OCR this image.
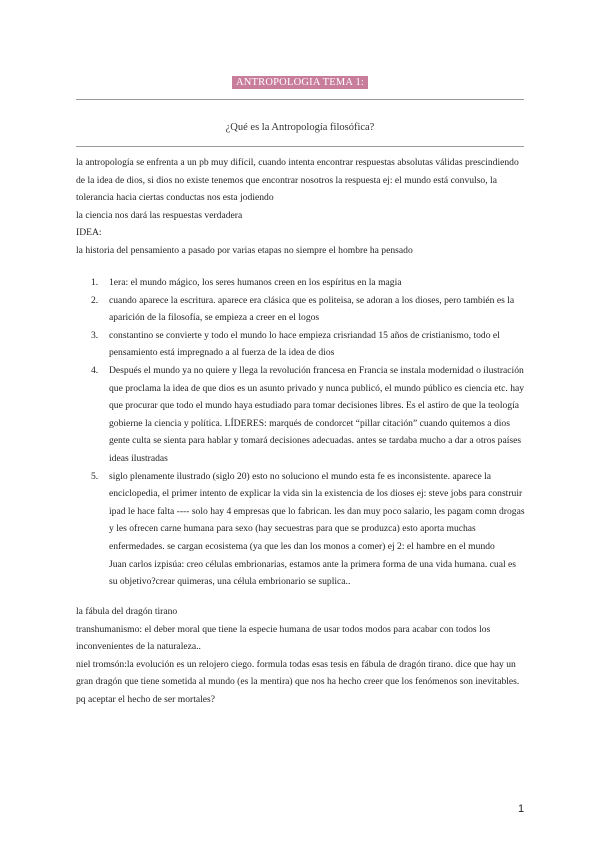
ANTROPOLOGIA TEMA 1:
¿Qué es la Antropología filosófica?

la antropología se enfrenta a un pb muy difícil, cuando intenta encontrar respuestas absolutas válidas prescindiendo de la idea de dios, si dios no existe tenemos que encontrar nosotros la respuesta ej: el mundo está convulso, la tolerancia hacia ciertas conductas nos esta jodiendo

la ciencia nos dará las respuestas verdadera

IDEA:

la historia del pensamiento a pasado por varias etapas no siempre el hombre ha pensado

1. 1era: el mundo mágico, los seres humanos creen en los espíritus en la magia
2. cuando aparece la escritura. aparece era clásica que es politeisa, se adoran a los dioses, pero también es la aparición de la filosofía, se empieza a creer en el logos
3. constantino se convierte y todo el mundo lo hace empieza crisriandad 15 años de cristianismo, todo el pensamiento está impregnado a al fuerza de la idea de dios
4. Después el mundo ya no quiere y llega la revolución francesa en Francia se instala modernidad o ilustración que proclama la idea de que dios es un asunto privado y nunca publicó, el mundo público es ciencia etc. hay que procurar que todo el mundo haya estudiado para tomar decisiones libres. Es el astiro de que la teología gobierne la ciencia y política. LÍDERES: marqués de condorcet “pillar citación” cuando quitemos a dios gente culta se sienta para hablar y tomará decisiones adecuadas. antes se tardaba mucho a dar a otros países ideas ilustradas
5. siglo plenamente ilustrado (siglo 20) esto no soluciono el mundo esta fe es inconsistente. aparece la enciclopedia, el primer intento de explicar la vida sin la existencia de los dioses ej: steve jobs para construir ipad le hace falta ---- solo hay 4 empresas que lo fabrican. les dan muy poco salario, les pagam comn drogas y les ofrecen carne humana para sexo (hay secuestras para que se produzca) esto aporta muchas enfermedades. se cargan ecosistema (ya que les dan los monos a comer) ej 2: el hambre en el mundo
Juan carlos izpisúa: creo células embrionarias, estamos ante la primera forma de una vida humana. cual es su objetivo?crear quimeras, una célula embrionario se suplica..

la fábula del dragón tirano

transhumanismo: el deber moral que tiene la especie humana de usar todos modos para acabar con todos los inconvenientes de la naturaleza..

niel tromsón:la evolución es un relojero ciego. formula todas esas tesis en fábula de dragón tirano. dice que hay un gran dragón que tiene sometida al mundo (es la mentira) que nos ha hecho creer que los fenómenos son inevitables. pq aceptar el hecho de ser mortales?

1
